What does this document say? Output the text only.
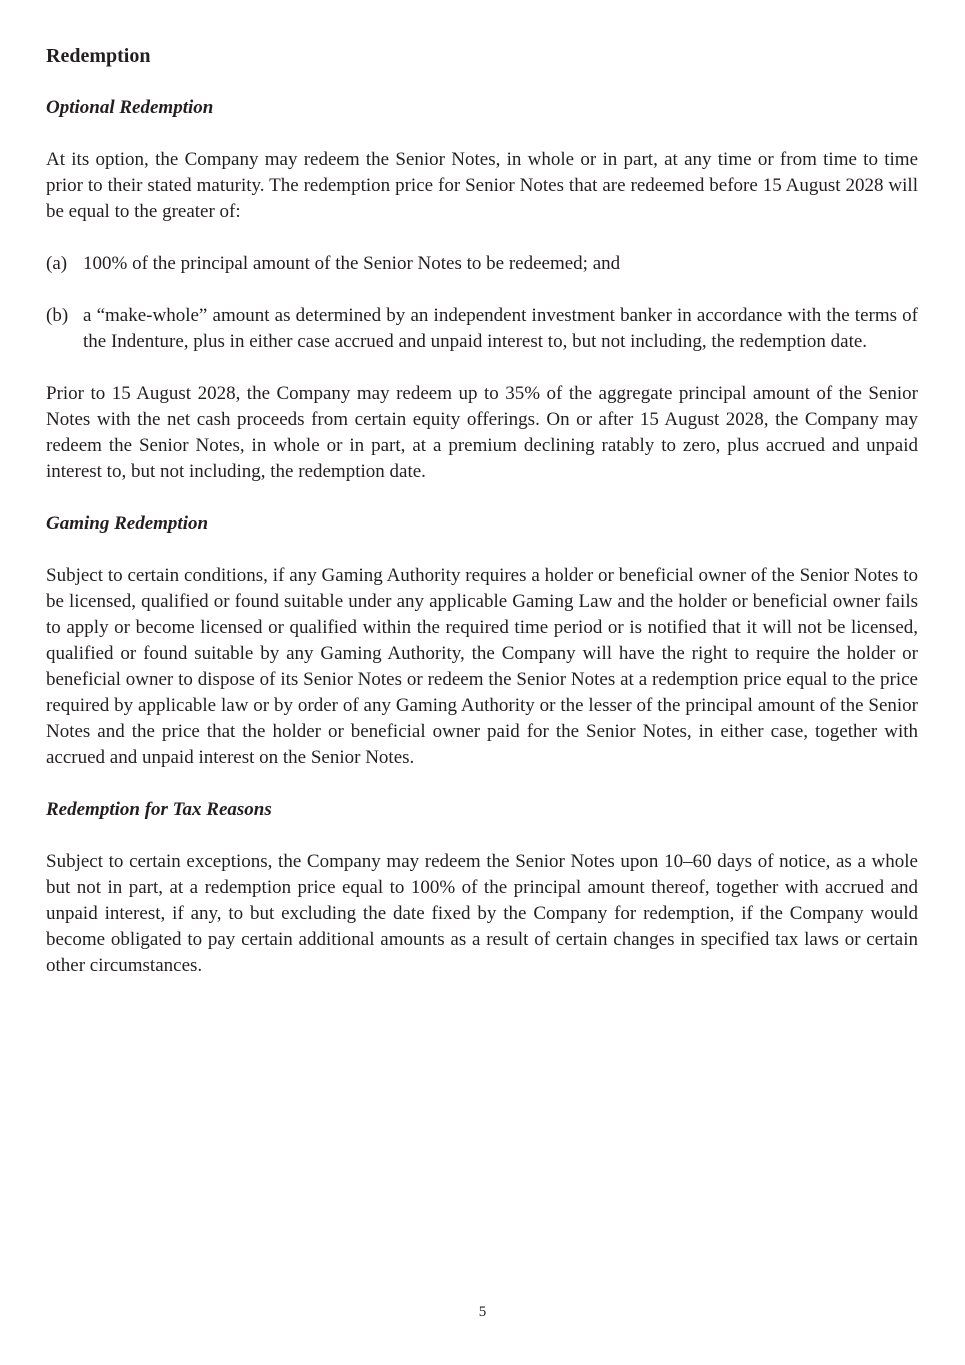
Redemption

Optional Redemption

At its option, the Company may redeem the Senior Notes, in whole or in part, at any time or from time to time prior to their stated maturity. The redemption price for Senior Notes that are redeemed before 15 August 2028 will be equal to the greater of:

(a) 100% of the principal amount of the Senior Notes to be redeemed; and
(b) a “make-whole” amount as determined by an independent investment banker in accordance with the terms of the Indenture, plus in either case accrued and unpaid interest to, but not including, the redemption date.

Prior to 15 August 2028, the Company may redeem up to 35% of the aggregate principal amount of the Senior Notes with the net cash proceeds from certain equity offerings. On or after 15 August 2028, the Company may redeem the Senior Notes, in whole or in part, at a premium declining ratably to zero, plus accrued and unpaid interest to, but not including, the redemption date.

Gaming Redemption

Subject to certain conditions, if any Gaming Authority requires a holder or beneficial owner of the Senior Notes to be licensed, qualified or found suitable under any applicable Gaming Law and the holder or beneficial owner fails to apply or become licensed or qualified within the required time period or is notified that it will not be licensed, qualified or found suitable by any Gaming Authority, the Company will have the right to require the holder or beneficial owner to dispose of its Senior Notes or redeem the Senior Notes at a redemption price equal to the price required by applicable law or by order of any Gaming Authority or the lesser of the principal amount of the Senior Notes and the price that the holder or beneficial owner paid for the Senior Notes, in either case, together with accrued and unpaid interest on the Senior Notes.

Redemption for Tax Reasons

Subject to certain exceptions, the Company may redeem the Senior Notes upon 10–60 days of notice, as a whole but not in part, at a redemption price equal to 100% of the principal amount thereof, together with accrued and unpaid interest, if any, to but excluding the date fixed by the Company for redemption, if the Company would become obligated to pay certain additional amounts as a result of certain changes in specified tax laws or certain other circumstances.

5
